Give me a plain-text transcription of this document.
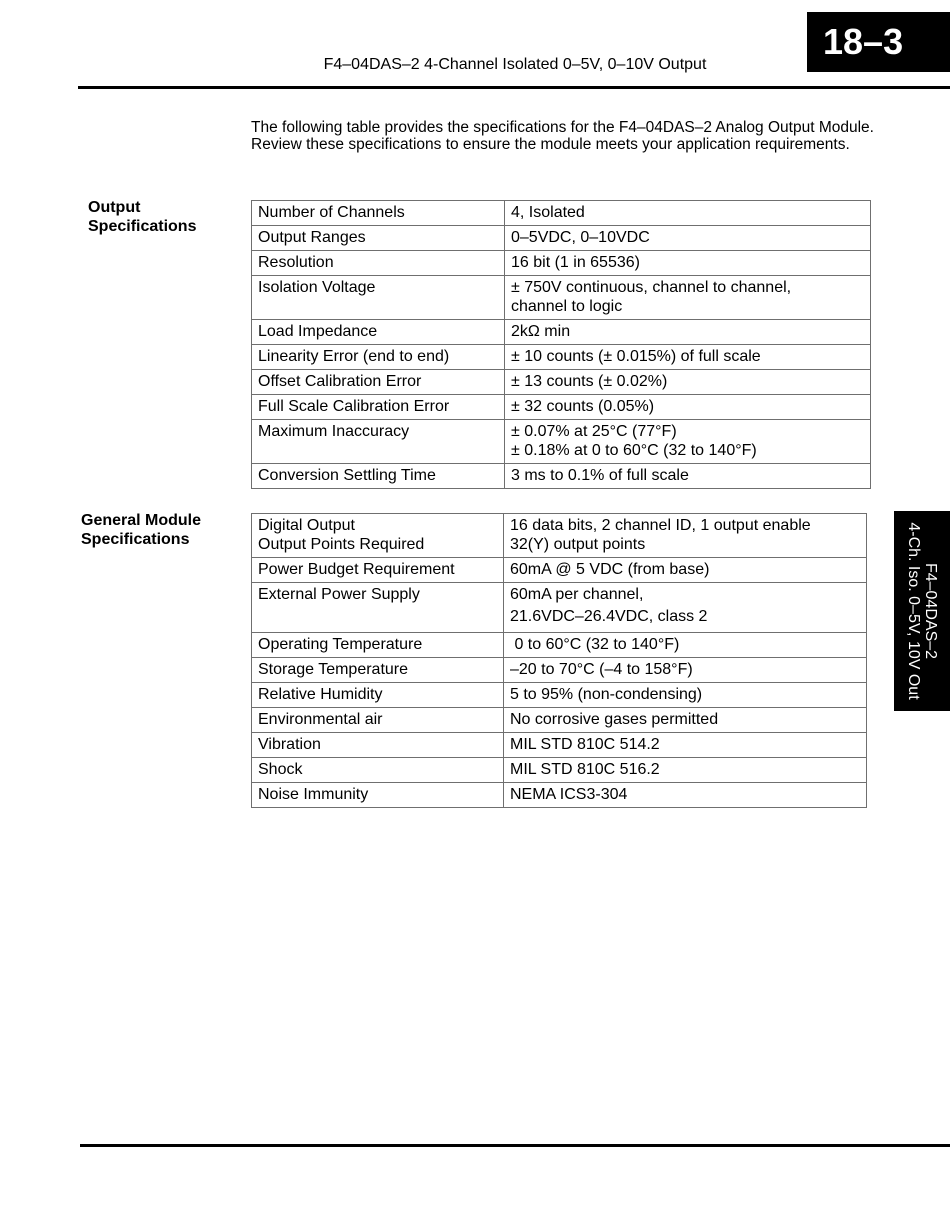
18–3
F4–04DAS–2 4-Channel Isolated 0–5V, 0–10V Output
The following table provides the specifications for the F4–04DAS–2 Analog Output Module. Review these specifications to ensure the module meets your application requirements.
Output
Specifications
Number of Channels	4, Isolated

Output Ranges	0–5VDC, 0–10VDC

Resolution	16 bit (1 in 65536)

Isolation Voltage	± 750V continuous, channel to channel,
channel to logic

Load Impedance	2kΩ min

Linearity Error (end to end)	± 10 counts (± 0.015%) of full scale

Offset Calibration Error	± 13 counts (± 0.02%)

Full Scale Calibration Error	± 32 counts (0.05%)

Maximum Inaccuracy	± 0.07% at 25°C (77°F)
± 0.18% at 0 to 60°C (32 to 140°F)

Conversion Settling Time	3 ms to 0.1% of full scale
General Module
Specifications
Digital Output
Output Points Required	16 data bits, 2 channel ID, 1 output enable
32(Y) output points

Power Budget Requirement	60mA @ 5 VDC (from base)

External Power Supply	60mA per channel,
21.6VDC–26.4VDC, class 2

Operating Temperature	0 to 60°C (32 to 140°F)

Storage Temperature	–20 to 70°C (–4 to 158°F)

Relative Humidity	5 to 95% (non-condensing)

Environmental air	No corrosive gases permitted

Vibration	MIL STD 810C 514.2

Shock	MIL STD 810C 516.2

Noise Immunity	NEMA ICS3-304
F4–04DAS–2
4-Ch. Iso. 0–5V, 10V Out
